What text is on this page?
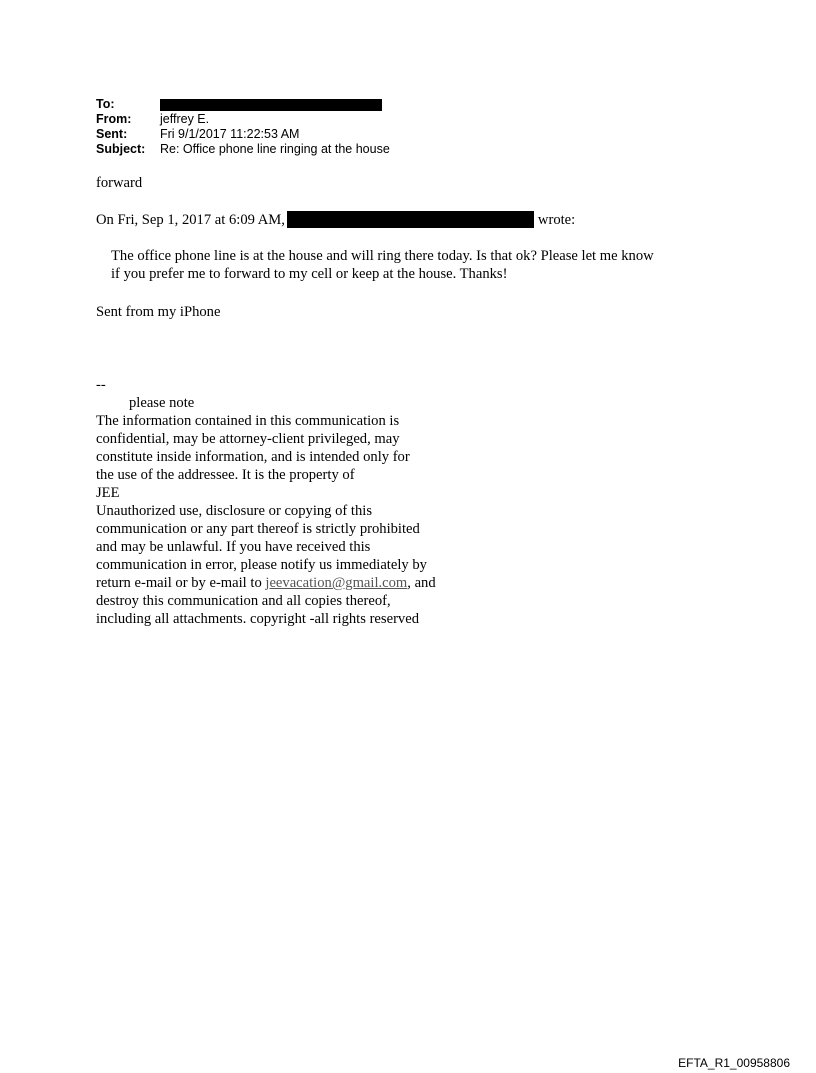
To:
From:	jeffrey E.
Sent:	Fri 9/1/2017 11:22:53 AM
Subject:	Re: Office phone line ringing at the house
forward
On Fri, Sep 1, 2017 at 6:09 AM,	wrote:
The office phone line is at the house and will ring there today. Is that ok? Please let me know
if you prefer me to forward to my cell or keep at the house. Thanks!
Sent from my iPhone
--
please note
The information contained in this communication is
confidential, may be attorney-client privileged, may
constitute inside information, and is intended only for
the use of the addressee. It is the property of
JEE
Unauthorized use, disclosure or copying of this
communication or any part thereof is strictly prohibited
and may be unlawful. If you have received this
communication in error, please notify us immediately by
return e-mail or by e-mail to jeevacation@gmail.com, and
destroy this communication and all copies thereof,
including all attachments. copyright -all rights reserved
EFTA_R1_00958806
